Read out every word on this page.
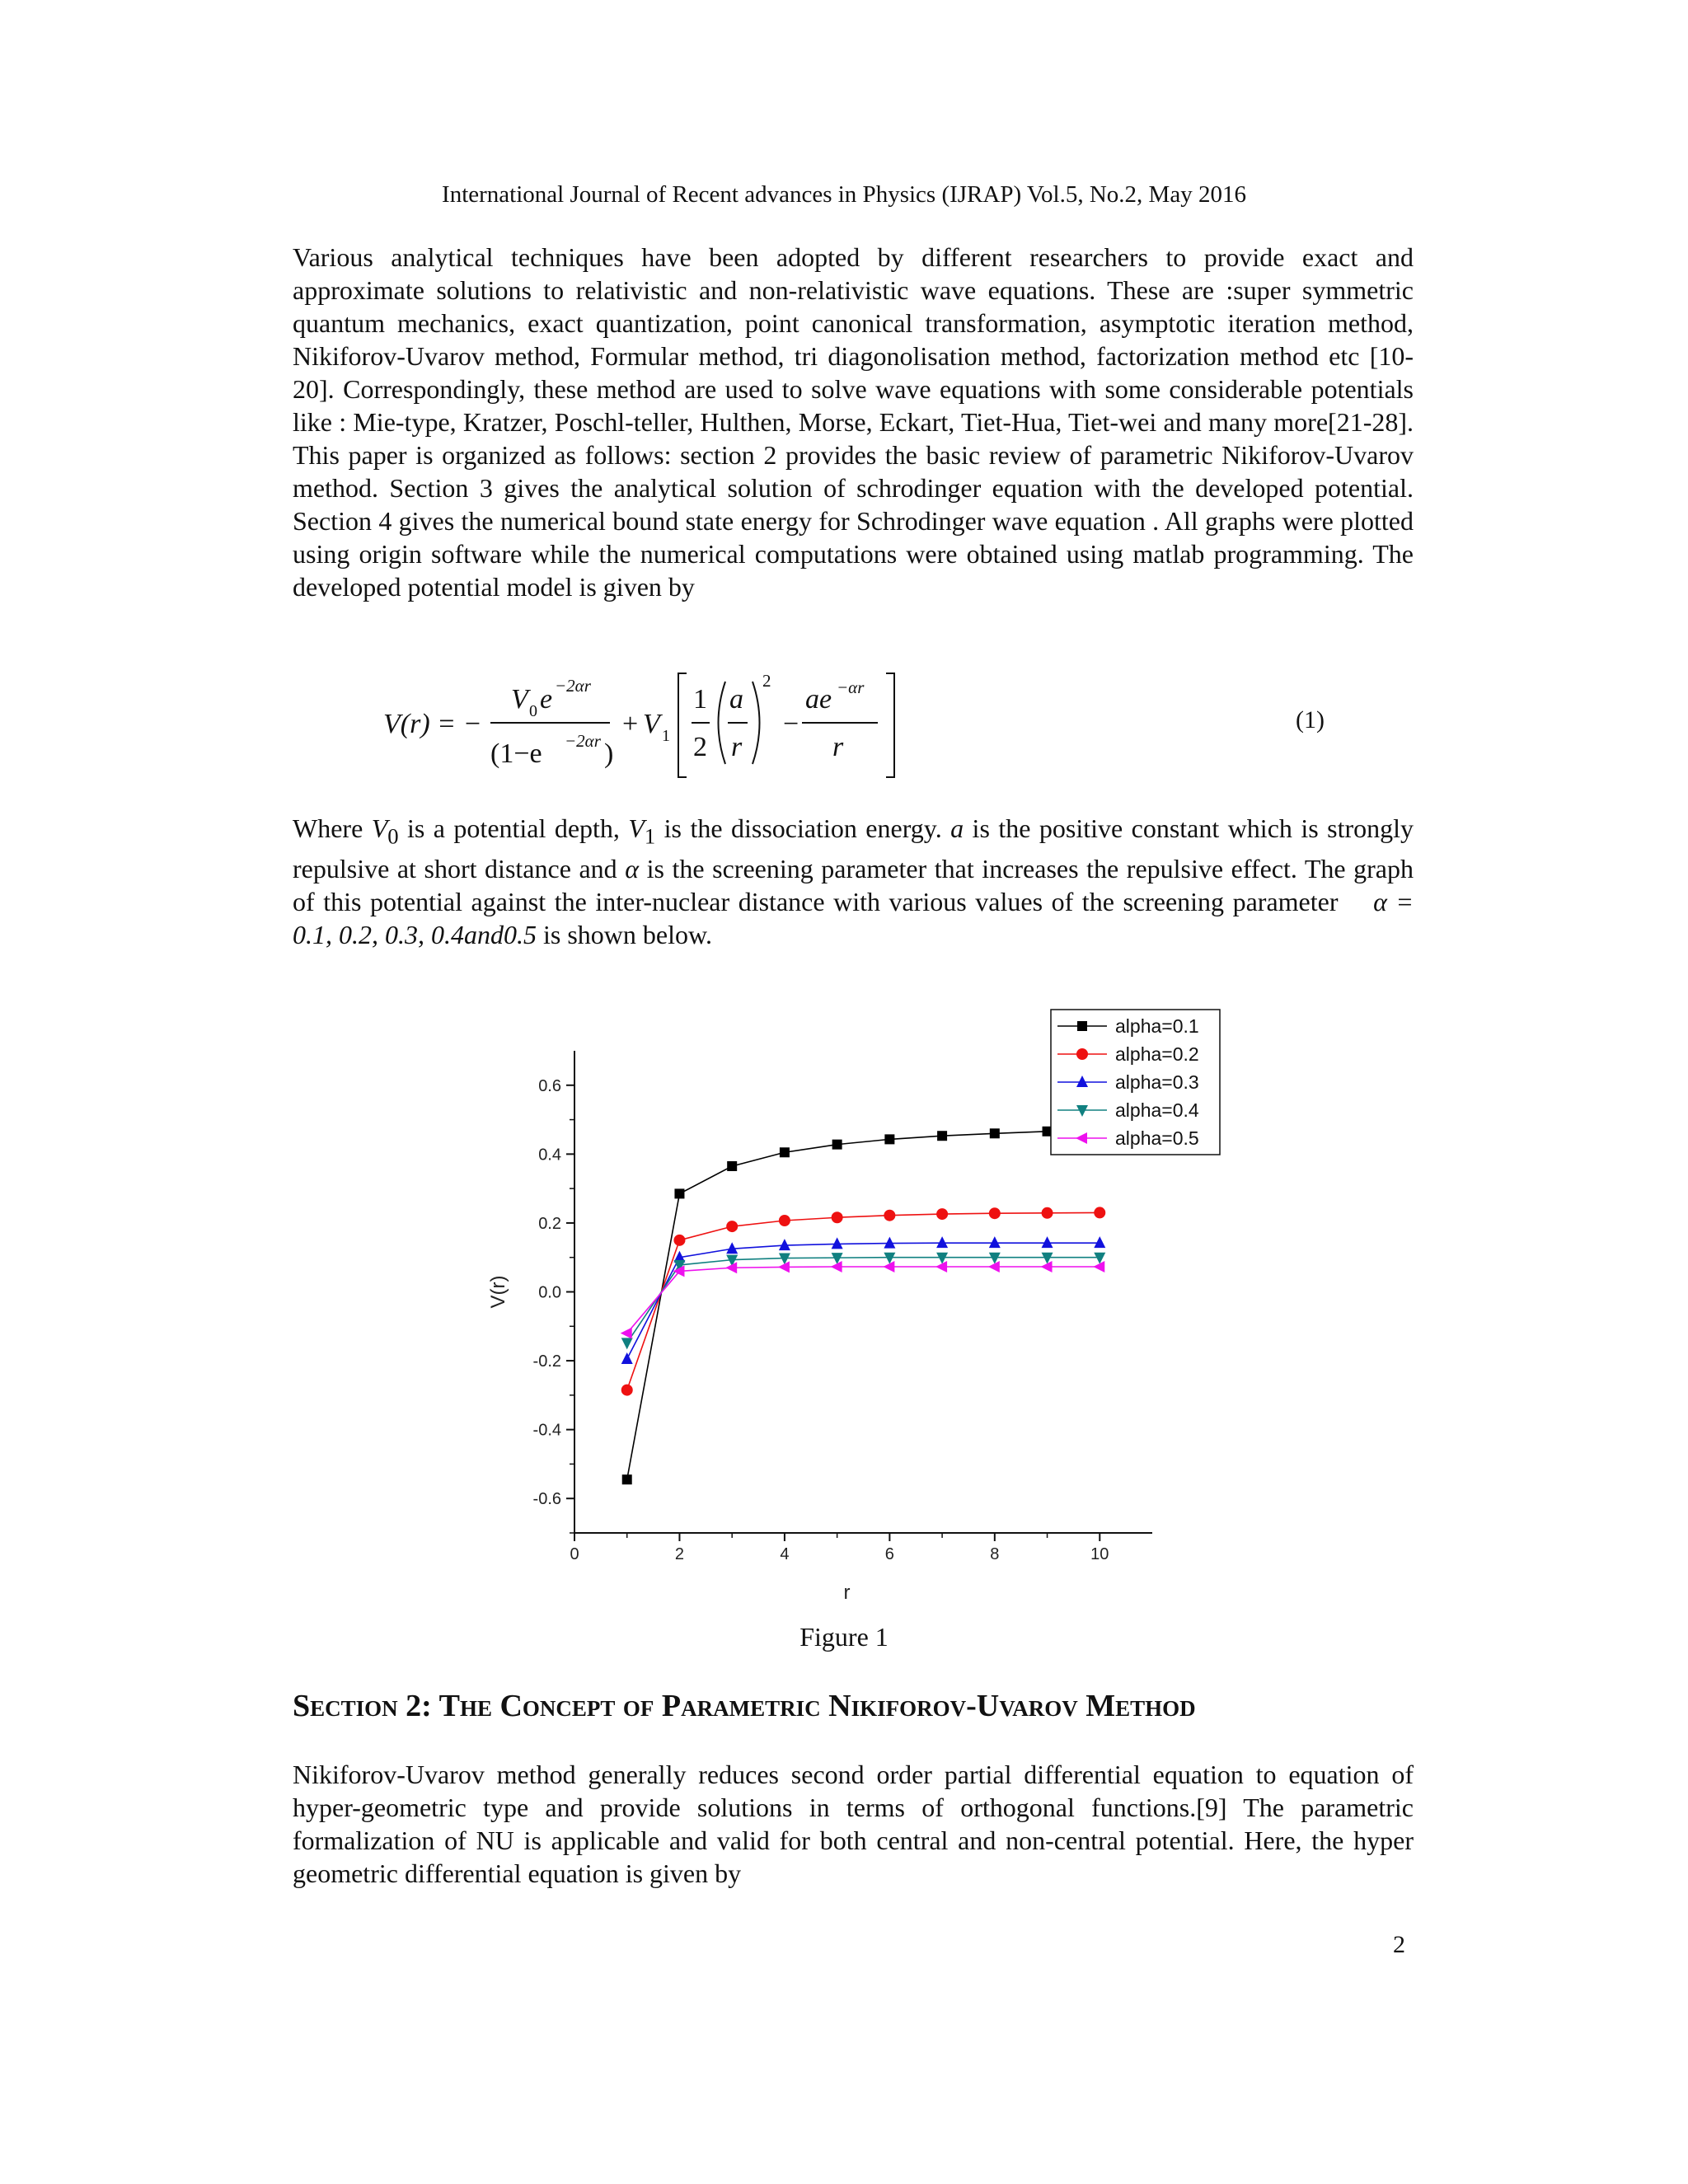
International Journal of Recent advances in Physics (IJRAP) Vol.5, No.2, May 2016

Various analytical techniques have been adopted by different researchers to provide exact and approximate solutions to relativistic and non-relativistic wave equations. These are :super symmetric quantum mechanics, exact quantization, point canonical transformation, asymptotic iteration method, Nikiforov-Uvarov method, Formular method, tri diagonolisation method, factorization method etc [10-20]. Correspondingly, these method are used to solve wave equations with some considerable potentials like : Mie-type, Kratzer, Poschl-teller, Hulthen, Morse, Eckart, Tiet-Hua, Tiet-wei and many more[21-28]. This paper is organized as follows: section 2 provides the basic review of parametric Nikiforov-Uvarov method. Section 3 gives the analytical solution of schrodinger equation with the developed potential. Section 4 gives the numerical bound state energy for Schrodinger wave equation . All graphs were plotted using origin software while the numerical computations were obtained using matlab programming. The developed potential model is given by

V(r) = −
V 0 e −2αr
(1−e −2αr )
+ V 1
1
2
a
r
2
−
ae −αr
r
(1)

Where $V_0$ is a potential depth, $V_1$ is the dissociation energy. a is the positive constant which is strongly repulsive at short distance and α is the screening parameter that increases the repulsive effect. The graph of this potential against the inter-nuclear distance with various values of the screening parameter  α = 0.1, 0.2, 0.3, 0.4and0.5 is shown below.

0	2	4	6	8	10
-0.6
-0.4
-0.2
0.0
0.2
0.4
0.6
r
V(r)
alpha=0.1
alpha=0.2
alpha=0.3
alpha=0.4
alpha=0.5
Figure 1
Section 2: The Concept of Parametric Nikiforov-Uvarov Method

Nikiforov-Uvarov method generally reduces second order partial differential equation to equation of hyper-geometric type and provide solutions in terms of orthogonal functions.[9] The parametric formalization of NU is applicable and valid for both central and non-central potential. Here, the hyper geometric differential equation is given by

2
